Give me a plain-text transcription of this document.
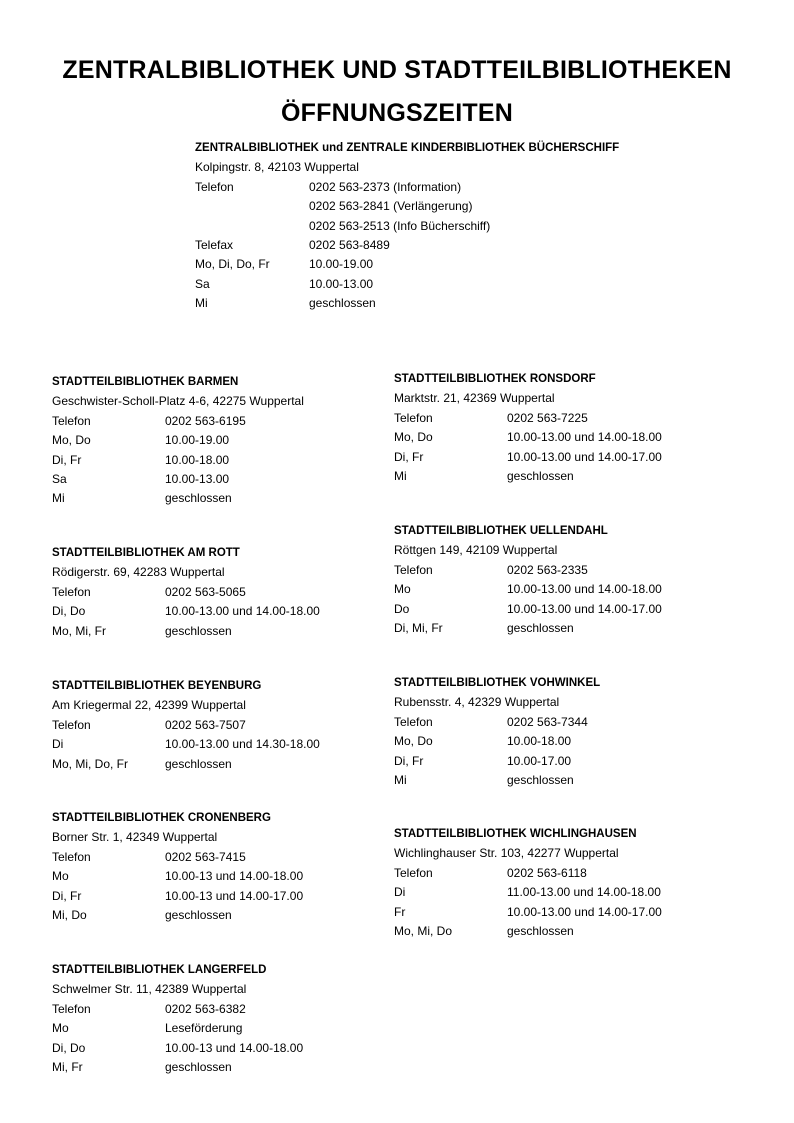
ZENTRALBIBLIOTHEK UND STADTTEILBIBLIOTHEKEN
ÖFFNUNGSZEITEN
ZENTRALBIBLIOTHEK und ZENTRALE KINDERBIBLIOTHEK BÜCHERSCHIFF
Kolpingstr. 8, 42103 Wuppertal
Telefon	0202 563-2373 (Information)
0202 563-2841 (Verlängerung)
0202 563-2513 (Info Bücherschiff)
Telefax	0202 563-8489
Mo, Di, Do, Fr	10.00-19.00
Sa	10.00-13.00
Mi	geschlossen
STADTTEILBIBLIOTHEK BARMEN
Geschwister-Scholl-Platz 4-6, 42275 Wuppertal
Telefon	0202 563-6195
Mo, Do	10.00-19.00
Di, Fr	10.00-18.00
Sa	10.00-13.00
Mi	geschlossen
STADTTEILBIBLIOTHEK AM ROTT
Rödigerstr. 69, 42283 Wuppertal
Telefon	0202 563-5065
Di, Do	10.00-13.00 und 14.00-18.00
Mo, Mi, Fr	geschlossen
STADTTEILBIBLIOTHEK BEYENBURG
Am Kriegermal 22, 42399 Wuppertal
Telefon	0202 563-7507
Di	10.00-13.00 und 14.30-18.00
Mo, Mi, Do, Fr	geschlossen
STADTTEILBIBLIOTHEK CRONENBERG
Borner Str. 1, 42349 Wuppertal
Telefon	0202 563-7415
Mo	10.00-13 und 14.00-18.00
Di, Fr	10.00-13 und 14.00-17.00
Mi, Do	geschlossen
STADTTEILBIBLIOTHEK LANGERFELD
Schwelmer Str. 11, 42389 Wuppertal
Telefon	0202 563-6382
Mo	Leseförderung
Di, Do	10.00-13 und 14.00-18.00
Mi, Fr	geschlossen
STADTTEILBIBLIOTHEK RONSDORF
Marktstr. 21, 42369 Wuppertal
Telefon	0202 563-7225
Mo, Do	10.00-13.00 und 14.00-18.00
Di, Fr	10.00-13.00 und 14.00-17.00
Mi	geschlossen
STADTTEILBIBLIOTHEK UELLENDAHL
Röttgen 149, 42109 Wuppertal
Telefon	0202 563-2335
Mo	10.00-13.00 und 14.00-18.00
Do	10.00-13.00 und 14.00-17.00
Di, Mi, Fr	geschlossen
STADTTEILBIBLIOTHEK VOHWINKEL
Rubensstr. 4, 42329 Wuppertal
Telefon	0202 563-7344
Mo, Do	10.00-18.00
Di, Fr	10.00-17.00
Mi	geschlossen
STADTTEILBIBLIOTHEK WICHLINGHAUSEN
Wichlinghauser Str. 103, 42277 Wuppertal
Telefon	0202 563-6118
Di	11.00-13.00 und 14.00-18.00
Fr	10.00-13.00 und 14.00-17.00
Mo, Mi, Do	geschlossen
